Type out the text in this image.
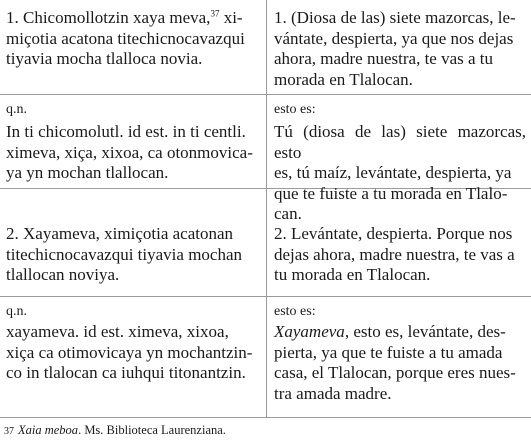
1. Chicomollotzin xaya meva,$^{37}$ xi-

miçotia acatona titechicnocavazqui

tiyavia mocha tlalloca novia.

1. (Diosa de las) siete mazorcas, le-

vántate, despierta, ya que nos dejas

ahora, madre nuestra, te vas a tu

morada en Tlalocan.

q.n.	esto es:

In ti chicomolutl. id est. in ti centli.

ximeva, xiça, xixoa, ca otonmovica-

ya yn mochan tlallocan.

Tú (diosa de las) siete mazorcas, esto

es, tú maíz, levántate, despierta, ya

que te fuiste a tu morada en Tlalo-

can.

2. Xayameva, ximiçotia acatonan

titechicnocavazqui tiyavia mochan

tlallocan noviya.

2. Levántate, despierta. Porque nos

dejas ahora, madre nuestra, te vas a

tu morada en Tlalocan.

q.n.	esto es:

xayameva. id est. ximeva, xixoa,

xiça ca otimovicaya yn mochantzin-

co in tlalocan ca iuhqui titonantzin.

Xayameva, esto es, levántate, des-

pierta, ya que te fuiste a tu amada

casa, el Tlalocan, porque eres nues-

tra amada madre.

37 Xaia meboa. Ms. Biblioteca Laurenziana.
